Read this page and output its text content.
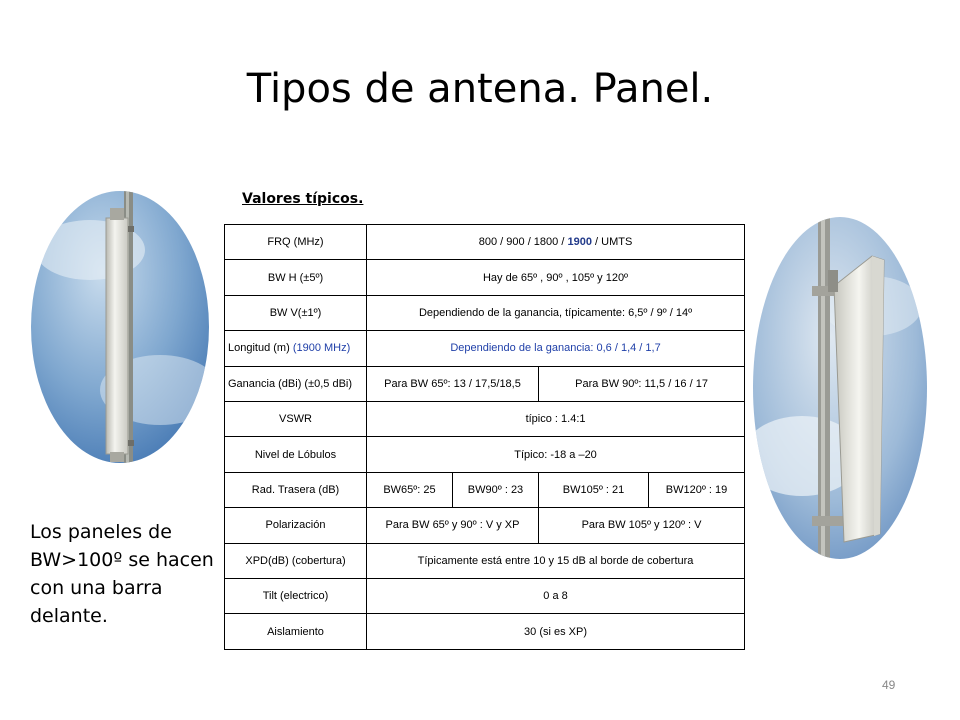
Tipos de antena. Panel.
Valores típicos.
FRQ (MHz)	800 / 900 / 1800 / 1900 / UMTS			
BW H (±5º)	Hay de 65º , 90º , 105º y 120º			
BW V(±1º)	Dependiendo de la ganancia, típicamente: 6,5º / 9º / 14º			
Longitud (m) (1900 MHz)	Dependiendo de la ganancia: 0,6 / 1,4 / 1,7			
Ganancia (dBi) (±0,5 dBi)	Para BW 65º: 13 / 17,5/18,5		Para BW 90º: 11,5 / 16 / 17	
VSWR	típico : 1.4:1			
Nivel de Lóbulos	Típico: -18 a –20			
Rad. Trasera (dB)	BW65º: 25	BW90º : 23	BW105º : 21	BW120º : 19
Polarización	Para BW 65º y 90º : V y XP		Para BW 105º y 120º : V	
XPD(dB) (cobertura)	Típicamente está entre 10 y 15 dB al borde de cobertura			
Tilt (electrico)	0 a 8			
Aislamiento	30 (si es XP)			
Los paneles de BW>100º se hacen con una barra delante.
49
